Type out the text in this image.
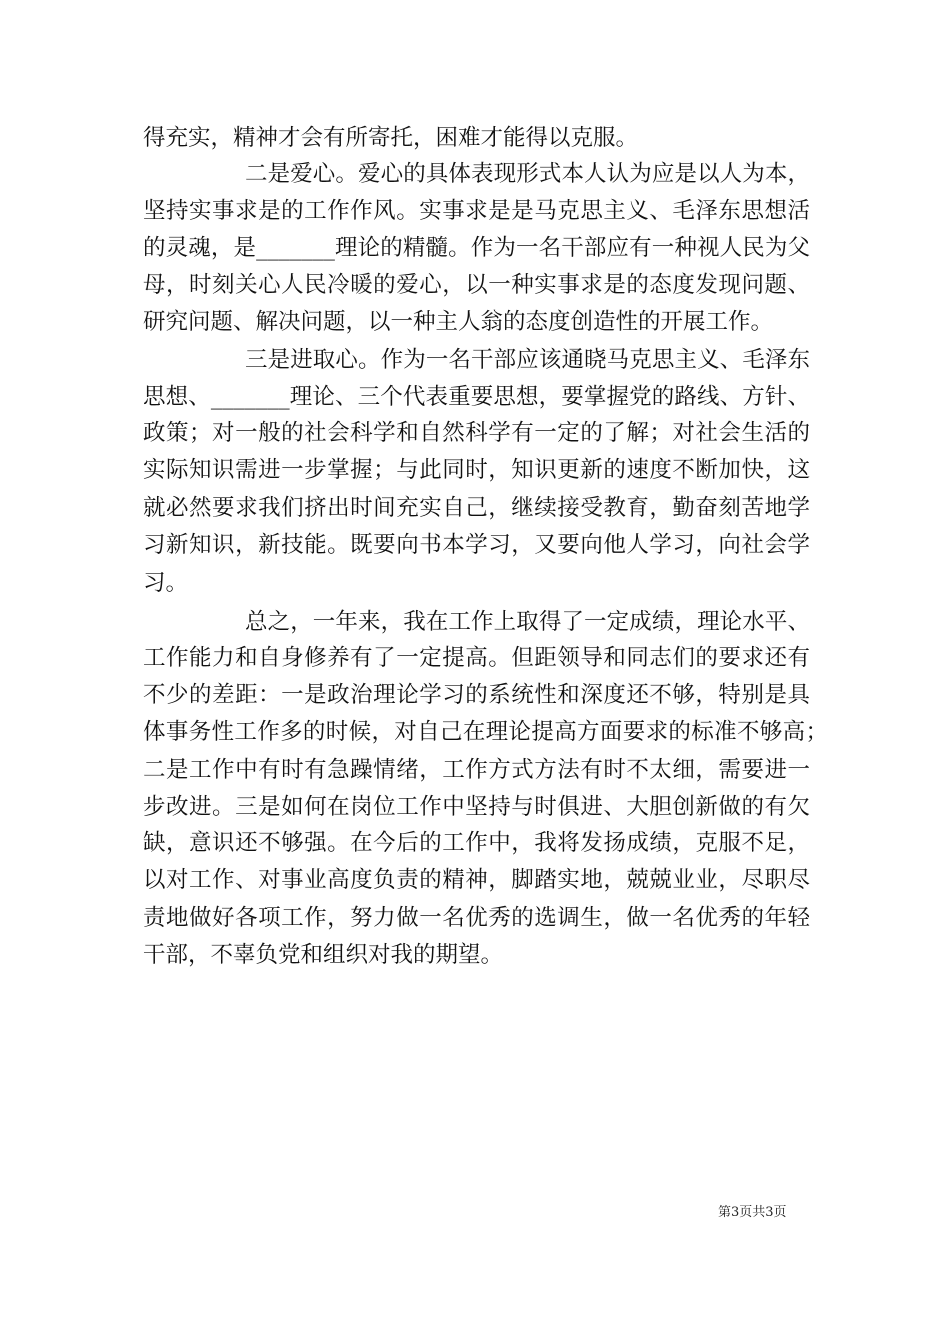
得充实，精神才会有所寄托，困难才能得以克服。
二是爱心。爱心的具体表现形式本人认为应是以人为本，
坚持实事求是的工作作风。实事求是是马克思主义、毛泽东思想活
的灵魂，是_______理论的精髓。作为一名干部应有一种视人民为父
母，时刻关心人民冷暖的爱心，以一种实事求是的态度发现问题、
研究问题、解决问题，以一种主人翁的态度创造性的开展工作。
三是进取心。作为一名干部应该通晓马克思主义、毛泽东
思想、_______理论、三个代表重要思想，要掌握党的路线、方针、
政策；对一般的社会科学和自然科学有一定的了解；对社会生活的
实际知识需进一步掌握；与此同时，知识更新的速度不断加快，这
就必然要求我们挤出时间充实自己，继续接受教育，勤奋刻苦地学
习新知识，新技能。既要向书本学习，又要向他人学习，向社会学
习。
总之，一年来，我在工作上取得了一定成绩，理论水平、
工作能力和自身修养有了一定提高。但距领导和同志们的要求还有
不少的差距：一是政治理论学习的系统性和深度还不够，特别是具
体事务性工作多的时候，对自己在理论提高方面要求的标准不够高；
二是工作中有时有急躁情绪，工作方式方法有时不太细，需要进一
步改进。三是如何在岗位工作中坚持与时俱进、大胆创新做的有欠
缺，意识还不够强。在今后的工作中，我将发扬成绩，克服不足，
以对工作、对事业高度负责的精神，脚踏实地，兢兢业业，尽职尽
责地做好各项工作，努力做一名优秀的选调生，做一名优秀的年轻
干部，不辜负党和组织对我的期望。
第3页共3页
